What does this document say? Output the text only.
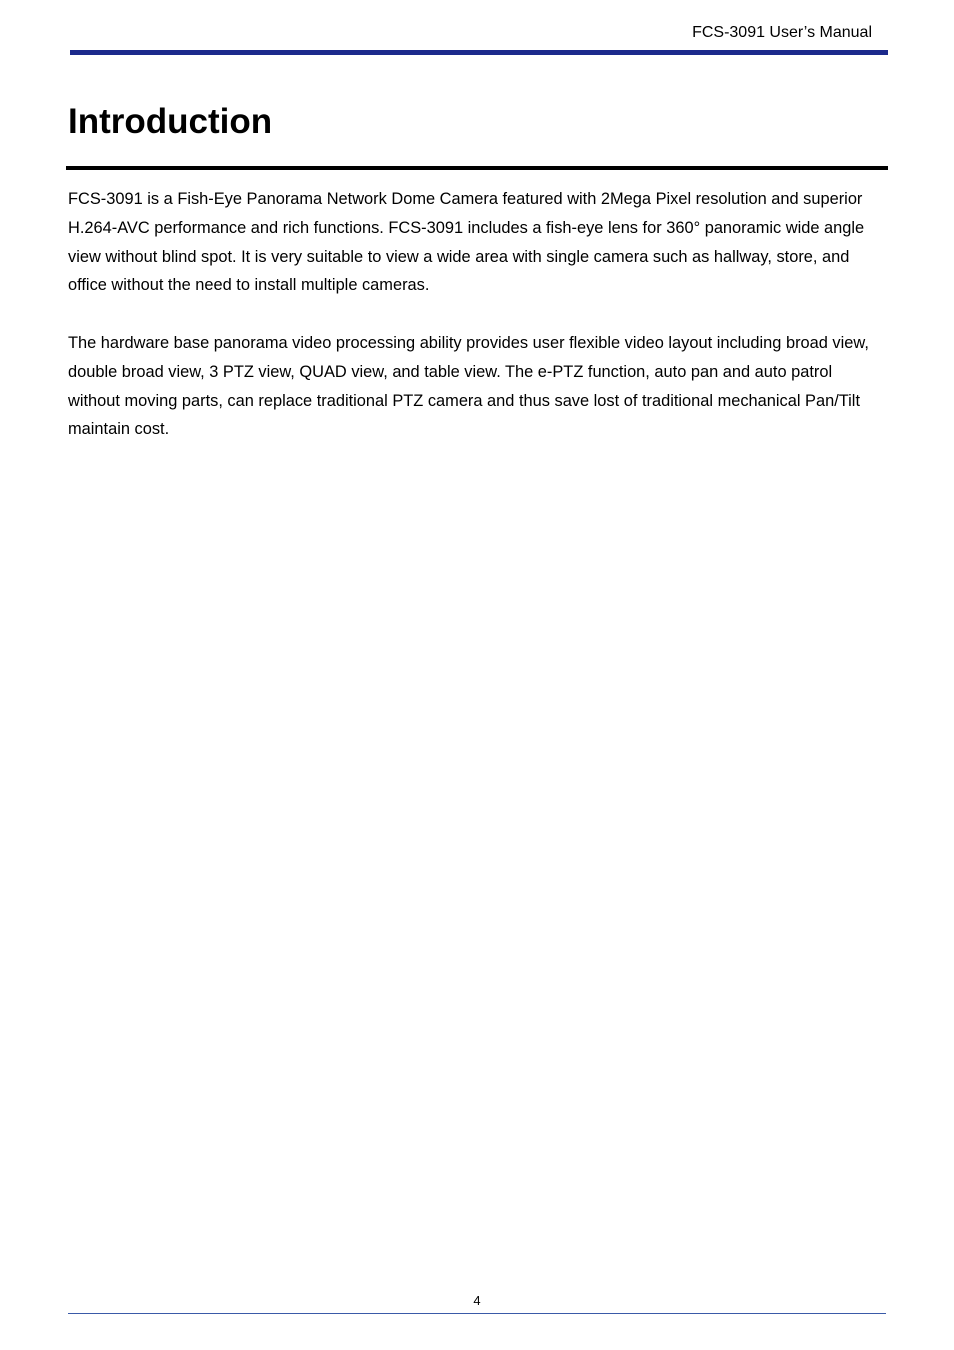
FCS-3091 User’s Manual
Introduction

FCS-3091 is a Fish-Eye Panorama Network Dome Camera featured with 2Mega Pixel resolution and superior H.264-AVC performance and rich functions. FCS-3091 includes a fish-eye lens for 360° panoramic wide angle view without blind spot. It is very suitable to view a wide area with single camera such as hallway, store, and office without the need to install multiple cameras.

The hardware base panorama video processing ability provides user flexible video layout including broad view, double broad view, 3 PTZ view, QUAD view, and table view. The e-PTZ function, auto pan and auto patrol without moving parts, can replace traditional PTZ camera and thus save lost of traditional mechanical Pan/Tilt maintain cost.

4
